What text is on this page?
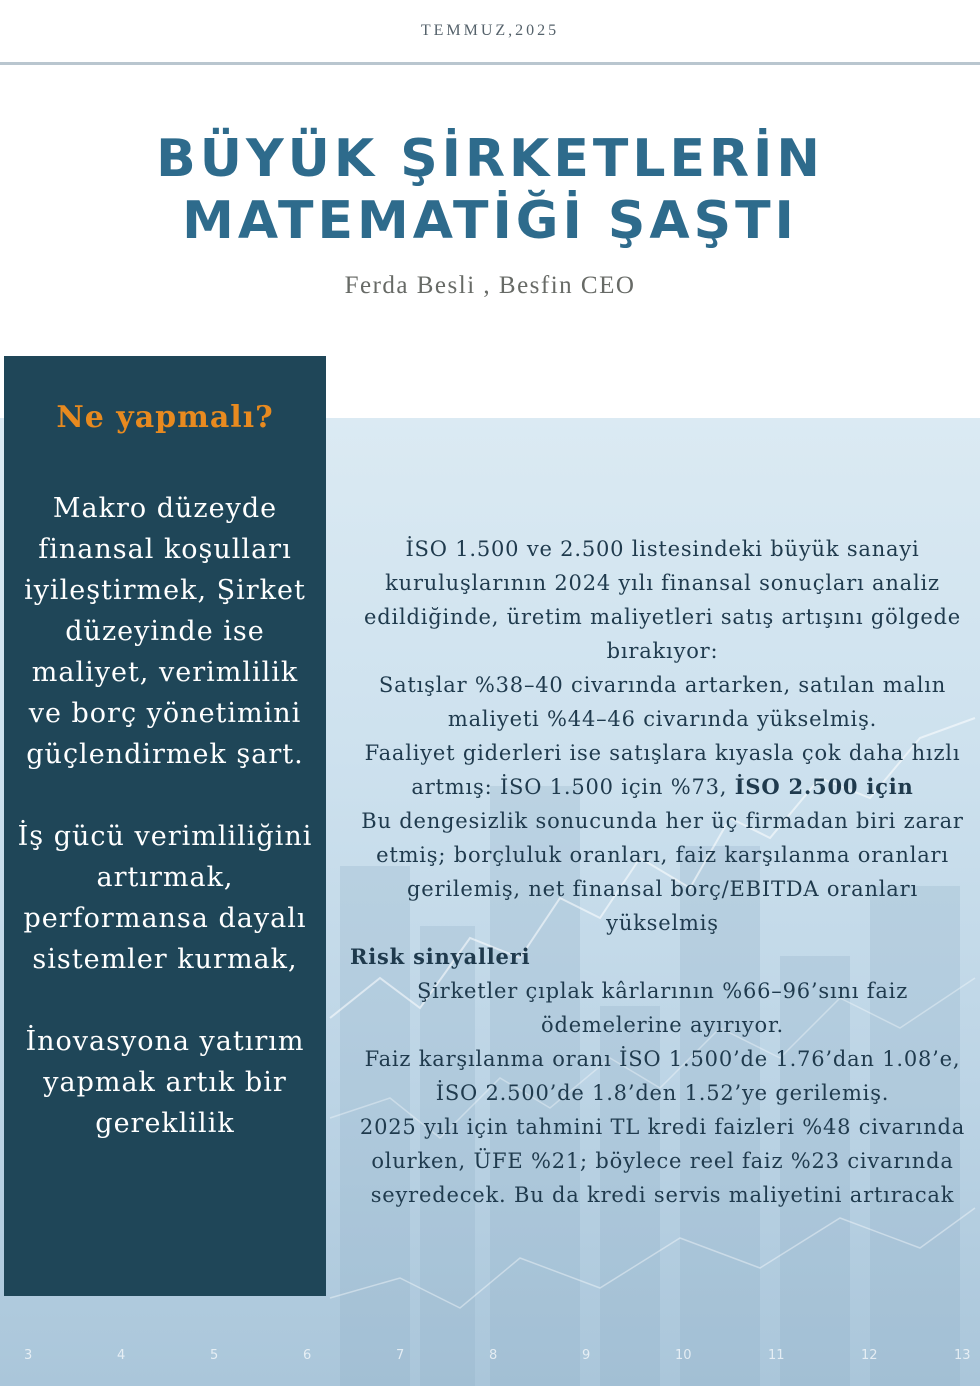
TEMMUZ,2025
BÜYÜK ŞİRKETLERİN
MATEMATİĞİ ŞAŞTI
Ferda Besli , Besfin CEO
3	4	5	6	7	8	9	10	11	12	13
Ne yapmalı?

Makro düzeyde finansal koşulları iyileştirmek, Şirket düzeyinde ise maliyet, verimlilik ve borç yönetimini güçlendirmek şart.

İş gücü verimliliğini artırmak, performansa dayalı sistemler kurmak,

İnovasyona yatırım yapmak artık bir gereklilik

İSO 1.500 ve 2.500 listesindeki büyük sanayi kuruluşlarının 2024 yılı finansal sonuçları analiz edildiğinde, üretim maliyetleri satış artışını gölgede bırakıyor:

Satışlar %38–40 civarında artarken, satılan malın maliyeti %44–46 civarında yükselmiş.

Faaliyet giderleri ise satışlara kıyasla çok daha hızlı artmış: İSO 1.500 için %73, İSO 2.500 için

Bu dengesizlik sonucunda her üç firmadan biri zarar etmiş; borçluluk oranları, faiz karşılanma oranları gerilemiş, net finansal borç/EBITDA oranları yükselmiş

Risk sinyalleri

Şirketler çıplak kârlarının %66–96’sını faiz ödemelerine ayırıyor.

Faiz karşılanma oranı İSO 1.500’de 1.76’dan 1.08’e, İSO 2.500’de 1.8’den 1.52’ye gerilemiş.

2025 yılı için tahmini TL kredi faizleri %48 civarında olurken, ÜFE %21; böylece reel faiz %23 civarında seyredecek. Bu da kredi servis maliyetini artıracak
